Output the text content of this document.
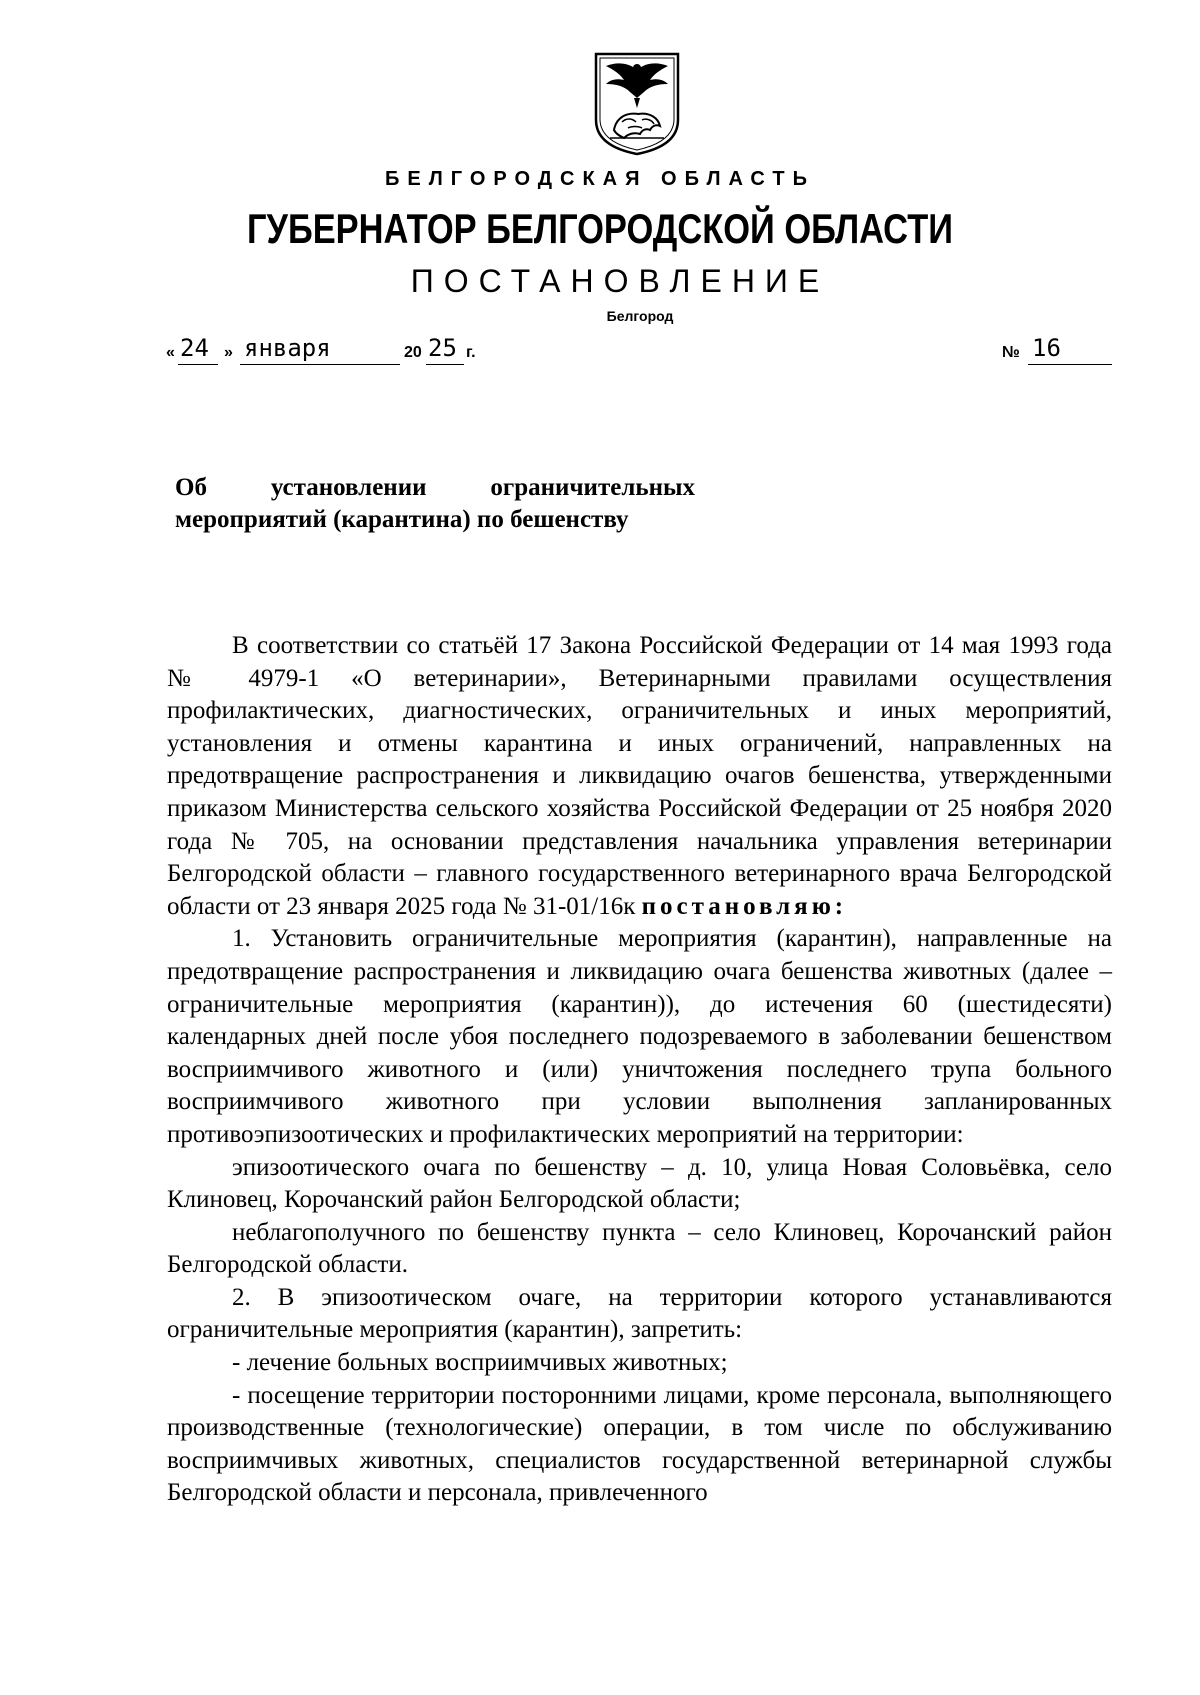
БЕЛГОРОДСКАЯ ОБЛАСТЬ
ГУБЕРНАТОР БЕЛГОРОДСКОЙ ОБЛАСТИ
ПОСТАНОВЛЕНИЕ
Белгород
« 24 » января	20 25 г.	№ 16
Об	установлении	ограничительных
мероприятий (карантина) по бешенству

В соответствии со статьёй 17 Закона Российской Федерации от 14 мая 1993 года № 4979-1 «О ветеринарии», Ветеринарными правилами осуществления профилактических, диагностических, ограничительных и иных мероприятий, установления и отмены карантина и иных ограничений, направленных на предотвращение распространения и ликвидацию очагов бешенства, утвержденными приказом Министерства сельского хозяйства Российской Федерации от 25 ноября 2020 года № 705, на основании представления начальника управления ветеринарии Белгородской области – главного государственного ветеринарного врача Белгородской области от 23 января 2025 года № 31-01/16к постановляю:

1. Установить ограничительные мероприятия (карантин), направленные на предотвращение распространения и ликвидацию очага бешенства животных (далее – ограничительные мероприятия (карантин)), до истечения 60 (шестидесяти) календарных дней после убоя последнего подозреваемого в заболевании бешенством восприимчивого животного и (или) уничтожения последнего трупа больного восприимчивого животного при условии выполнения запланированных противоэпизоотических и профилактических мероприятий на территории:

эпизоотического очага по бешенству – д. 10, улица Новая Соловьёвка, село Клиновец, Корочанский район Белгородской области;

неблагополучного по бешенству пункта – село Клиновец, Корочанский район Белгородской области.

2. В эпизоотическом очаге, на территории которого устанавливаются ограничительные мероприятия (карантин), запретить:

- лечение больных восприимчивых животных;

- посещение территории посторонними лицами, кроме персонала, выполняющего производственные (технологические) операции, в том числе по обслуживанию восприимчивых животных, специалистов государственной ветеринарной службы Белгородской области и персонала, привлеченного
